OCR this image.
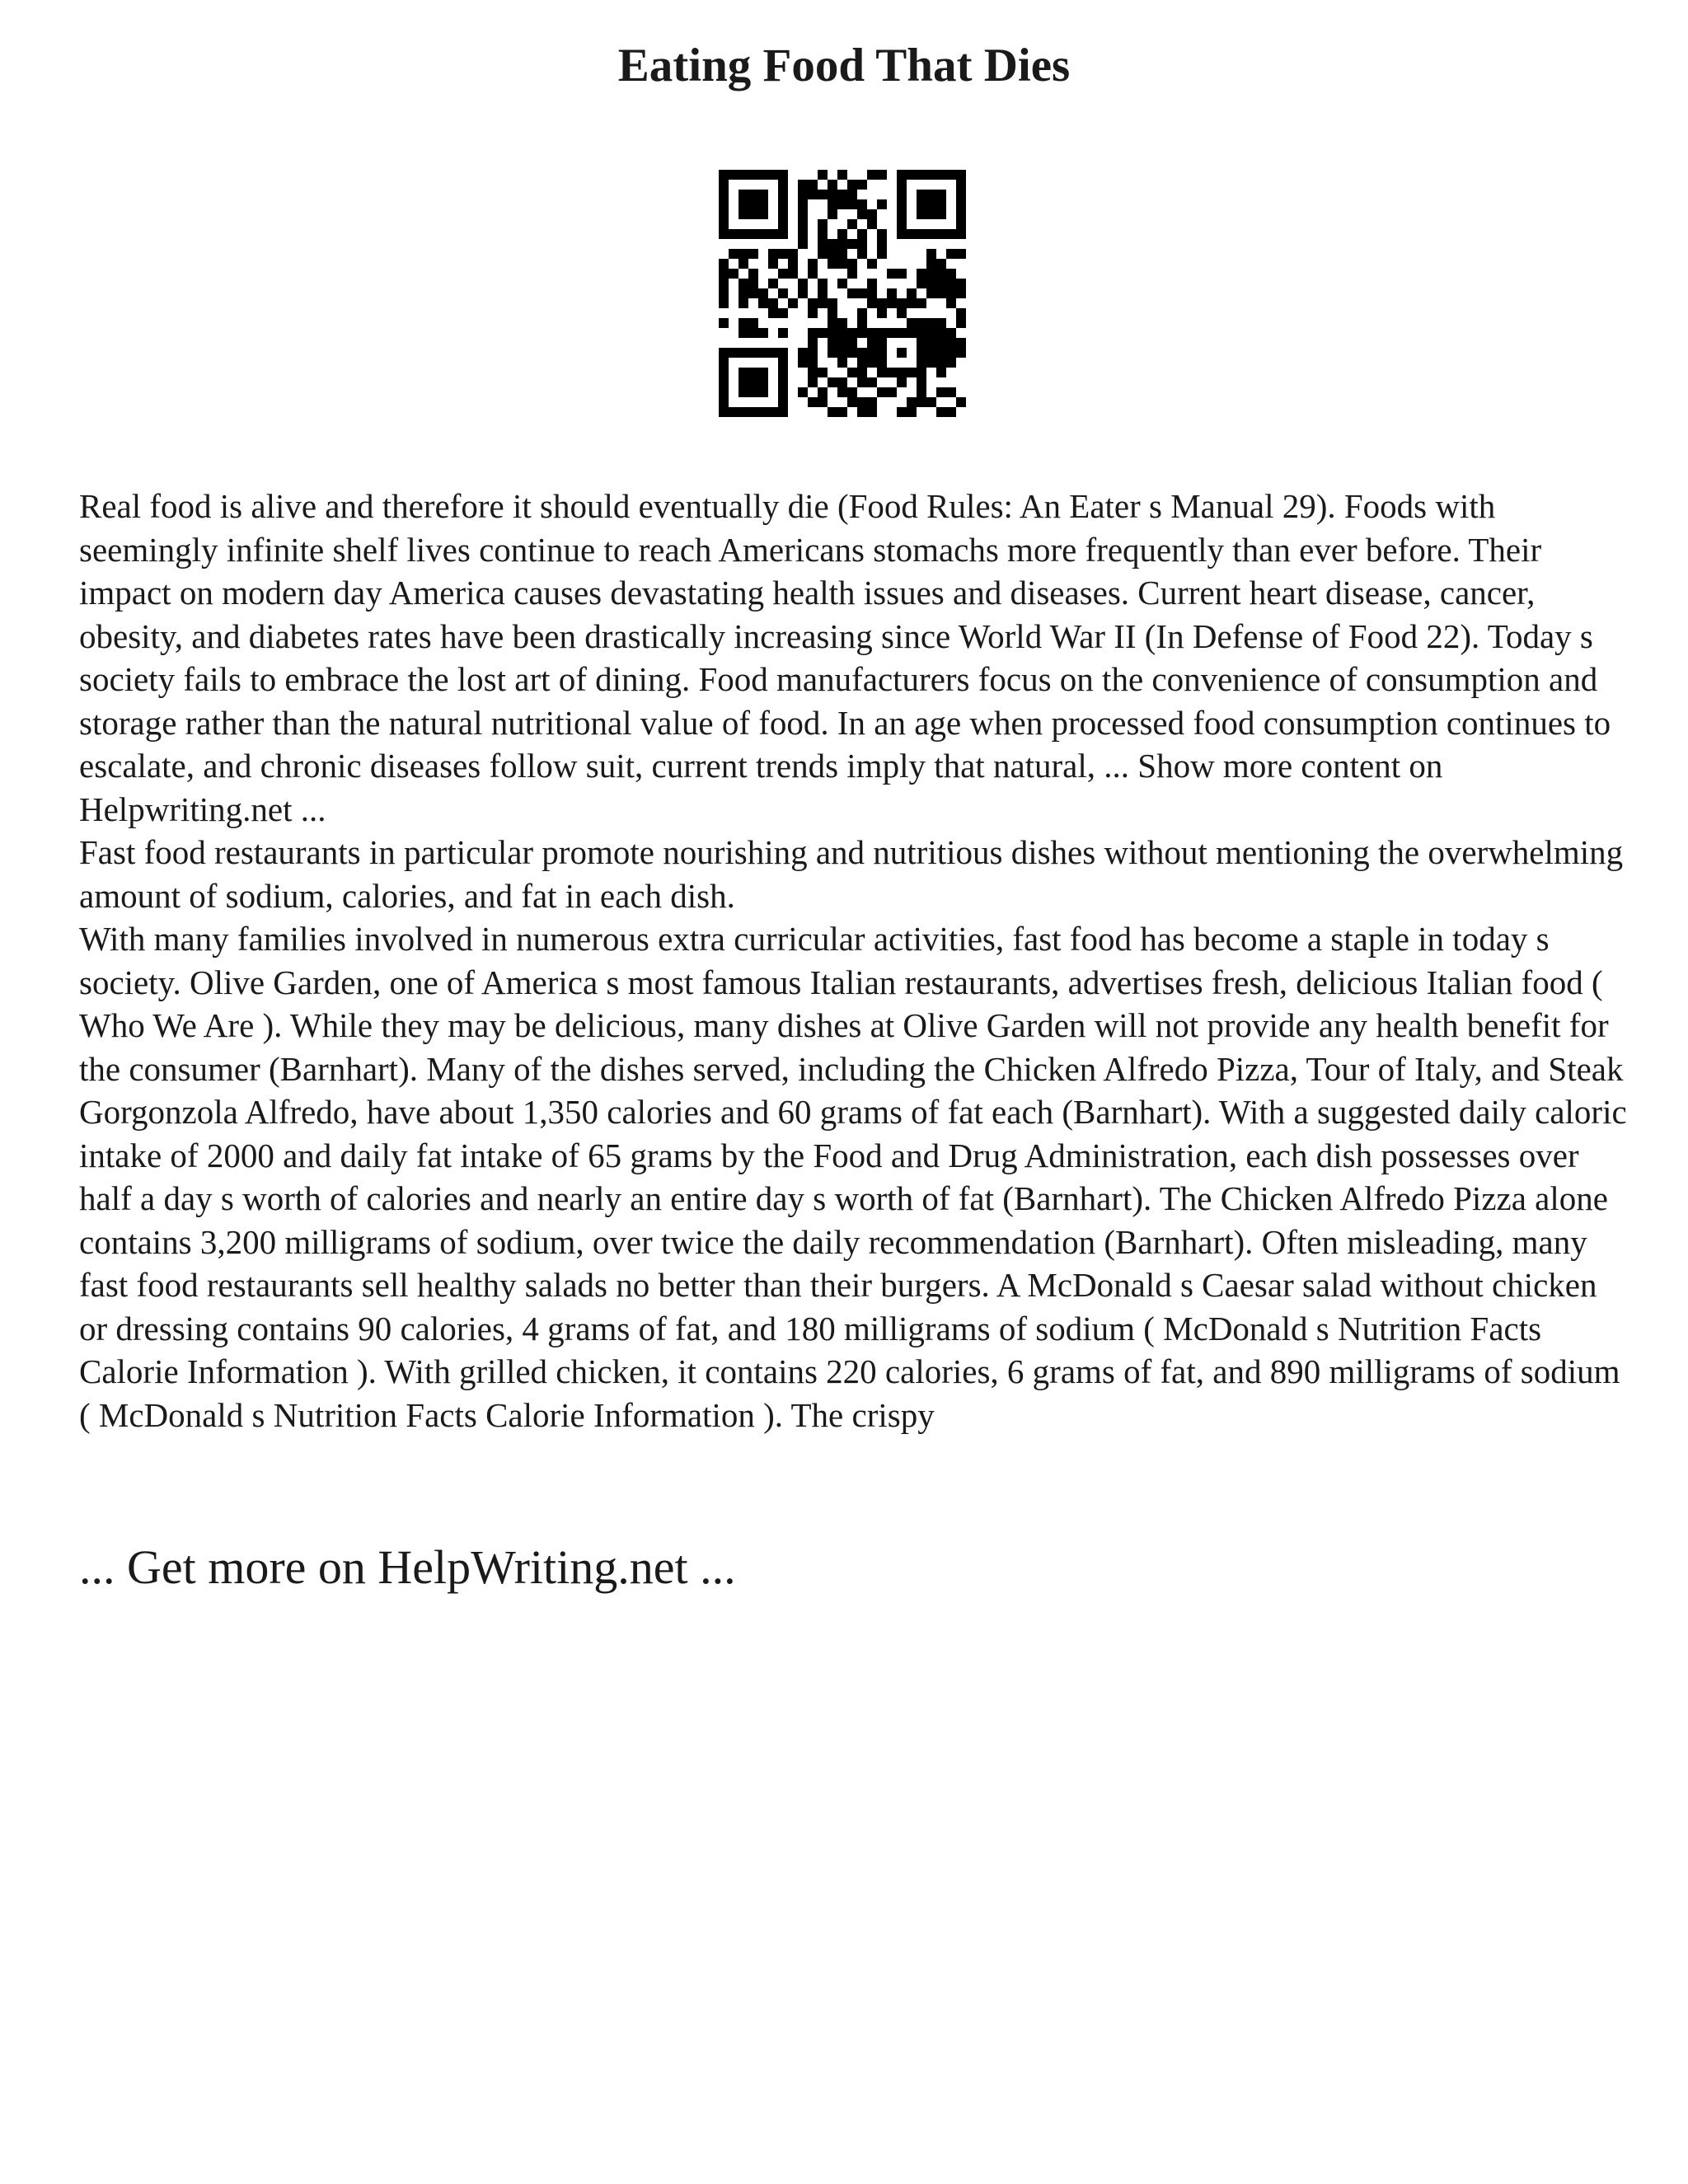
Eating Food That Dies

Real food is alive and therefore it should eventually die (Food Rules: An Eater s Manual 29). Foods with seemingly infinite shelf lives continue to reach Americans stomachs more frequently than ever before. Their impact on modern day America causes devastating health issues and diseases. Current heart disease, cancer, obesity, and diabetes rates have been drastically increasing since World War II (In Defense of Food 22). Today s society fails to embrace the lost art of dining. Food manufacturers focus on the convenience of consumption and storage rather than the natural nutritional value of food. In an age when processed food consumption continues to escalate, and chronic diseases follow suit, current trends imply that natural, ... Show more content on Helpwriting.net ...

Fast food restaurants in particular promote nourishing and nutritious dishes without mentioning the overwhelming amount of sodium, calories, and fat in each dish.

With many families involved in numerous extra curricular activities, fast food has become a staple in today s society. Olive Garden, one of America s most famous Italian restaurants, advertises fresh, delicious Italian food ( Who We Are ). While they may be delicious, many dishes at Olive Garden will not provide any health benefit for the consumer (Barnhart). Many of the dishes served, including the Chicken Alfredo Pizza, Tour of Italy, and Steak Gorgonzola Alfredo, have about 1,350 calories and 60 grams of fat each (Barnhart). With a suggested daily caloric intake of 2000 and daily fat intake of 65 grams by the Food and Drug Administration, each dish possesses over half a day s worth of calories and nearly an entire day s worth of fat (Barnhart). The Chicken Alfredo Pizza alone contains 3,200 milligrams of sodium, over twice the daily recommendation (Barnhart). Often misleading, many fast food restaurants sell healthy salads no better than their burgers. A McDonald s Caesar salad without chicken or dressing contains 90 calories, 4 grams of fat, and 180 milligrams of sodium ( McDonald s Nutrition Facts Calorie Information ). With grilled chicken, it contains 220 calories, 6 grams of fat, and 890 milligrams of sodium ( McDonald s Nutrition Facts Calorie Information ). The crispy

... Get more on HelpWriting.net ...
